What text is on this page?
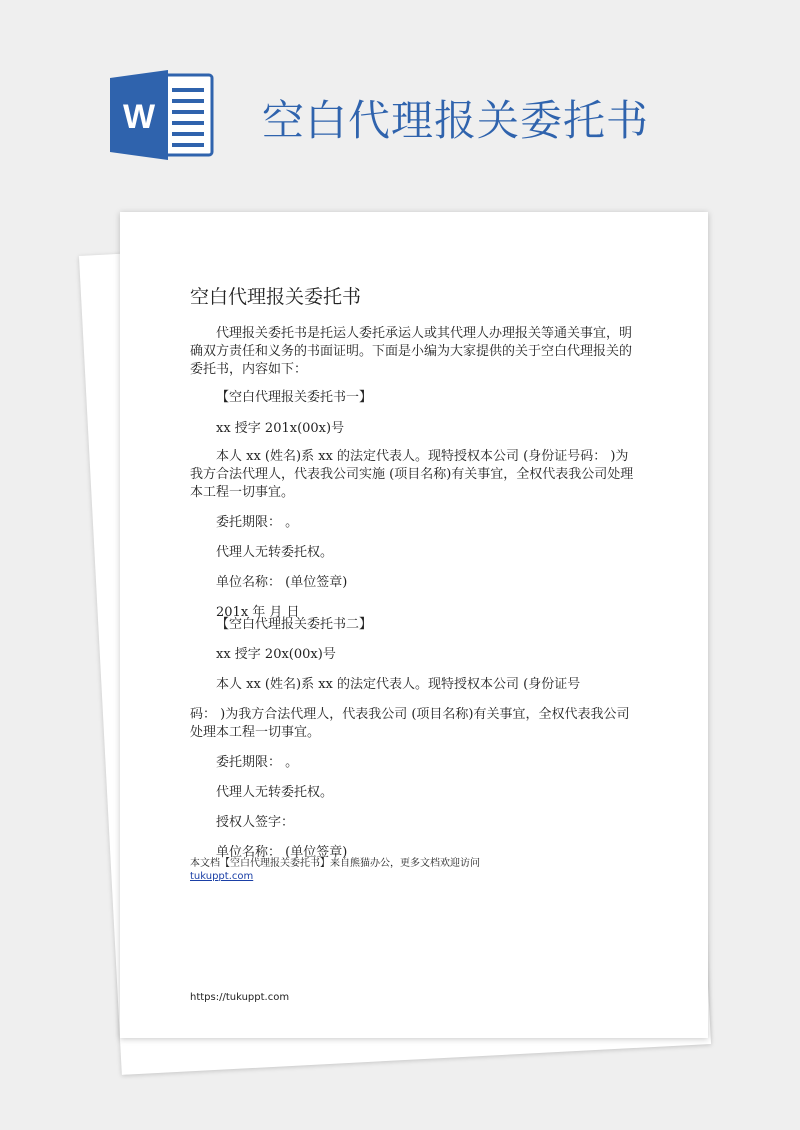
W	空白代理报关委托书
空白代理报关委托书

代理报关委托书是托运人委托承运人或其代理人办理报关等通关事宜，明确双方责任和义务的书面证明。下面是小编为大家提供的关于空白代理报关的委托书，内容如下：

【空白代理报关委托书一】

xx 授字 201x(00x)号

本人 xx (姓名)系 xx 的法定代表人。现特授权本公司 (身份证号码： )为我方合法代理人，代表我公司实施 (项目名称)有关事宜，全权代表我公司处理本工程一切事宜。

委托期限： 。

代理人无转委托权。

单位名称： (单位签章)

201x 年 月 日

【空白代理报关委托书二】

xx 授字 20x(00x)号

本人 xx (姓名)系 xx 的法定代表人。现特授权本公司 (身份证号

码： )为我方合法代理人，代表我公司 (项目名称)有关事宜，全权代表我公司处理本工程一切事宜。

委托期限： 。

代理人无转委托权。

授权人签字：

单位名称： (单位签章)

本文档【空白代理报关委托书】来自熊猫办公，更多文档欢迎访问
tukuppt.com
https://tukuppt.com
